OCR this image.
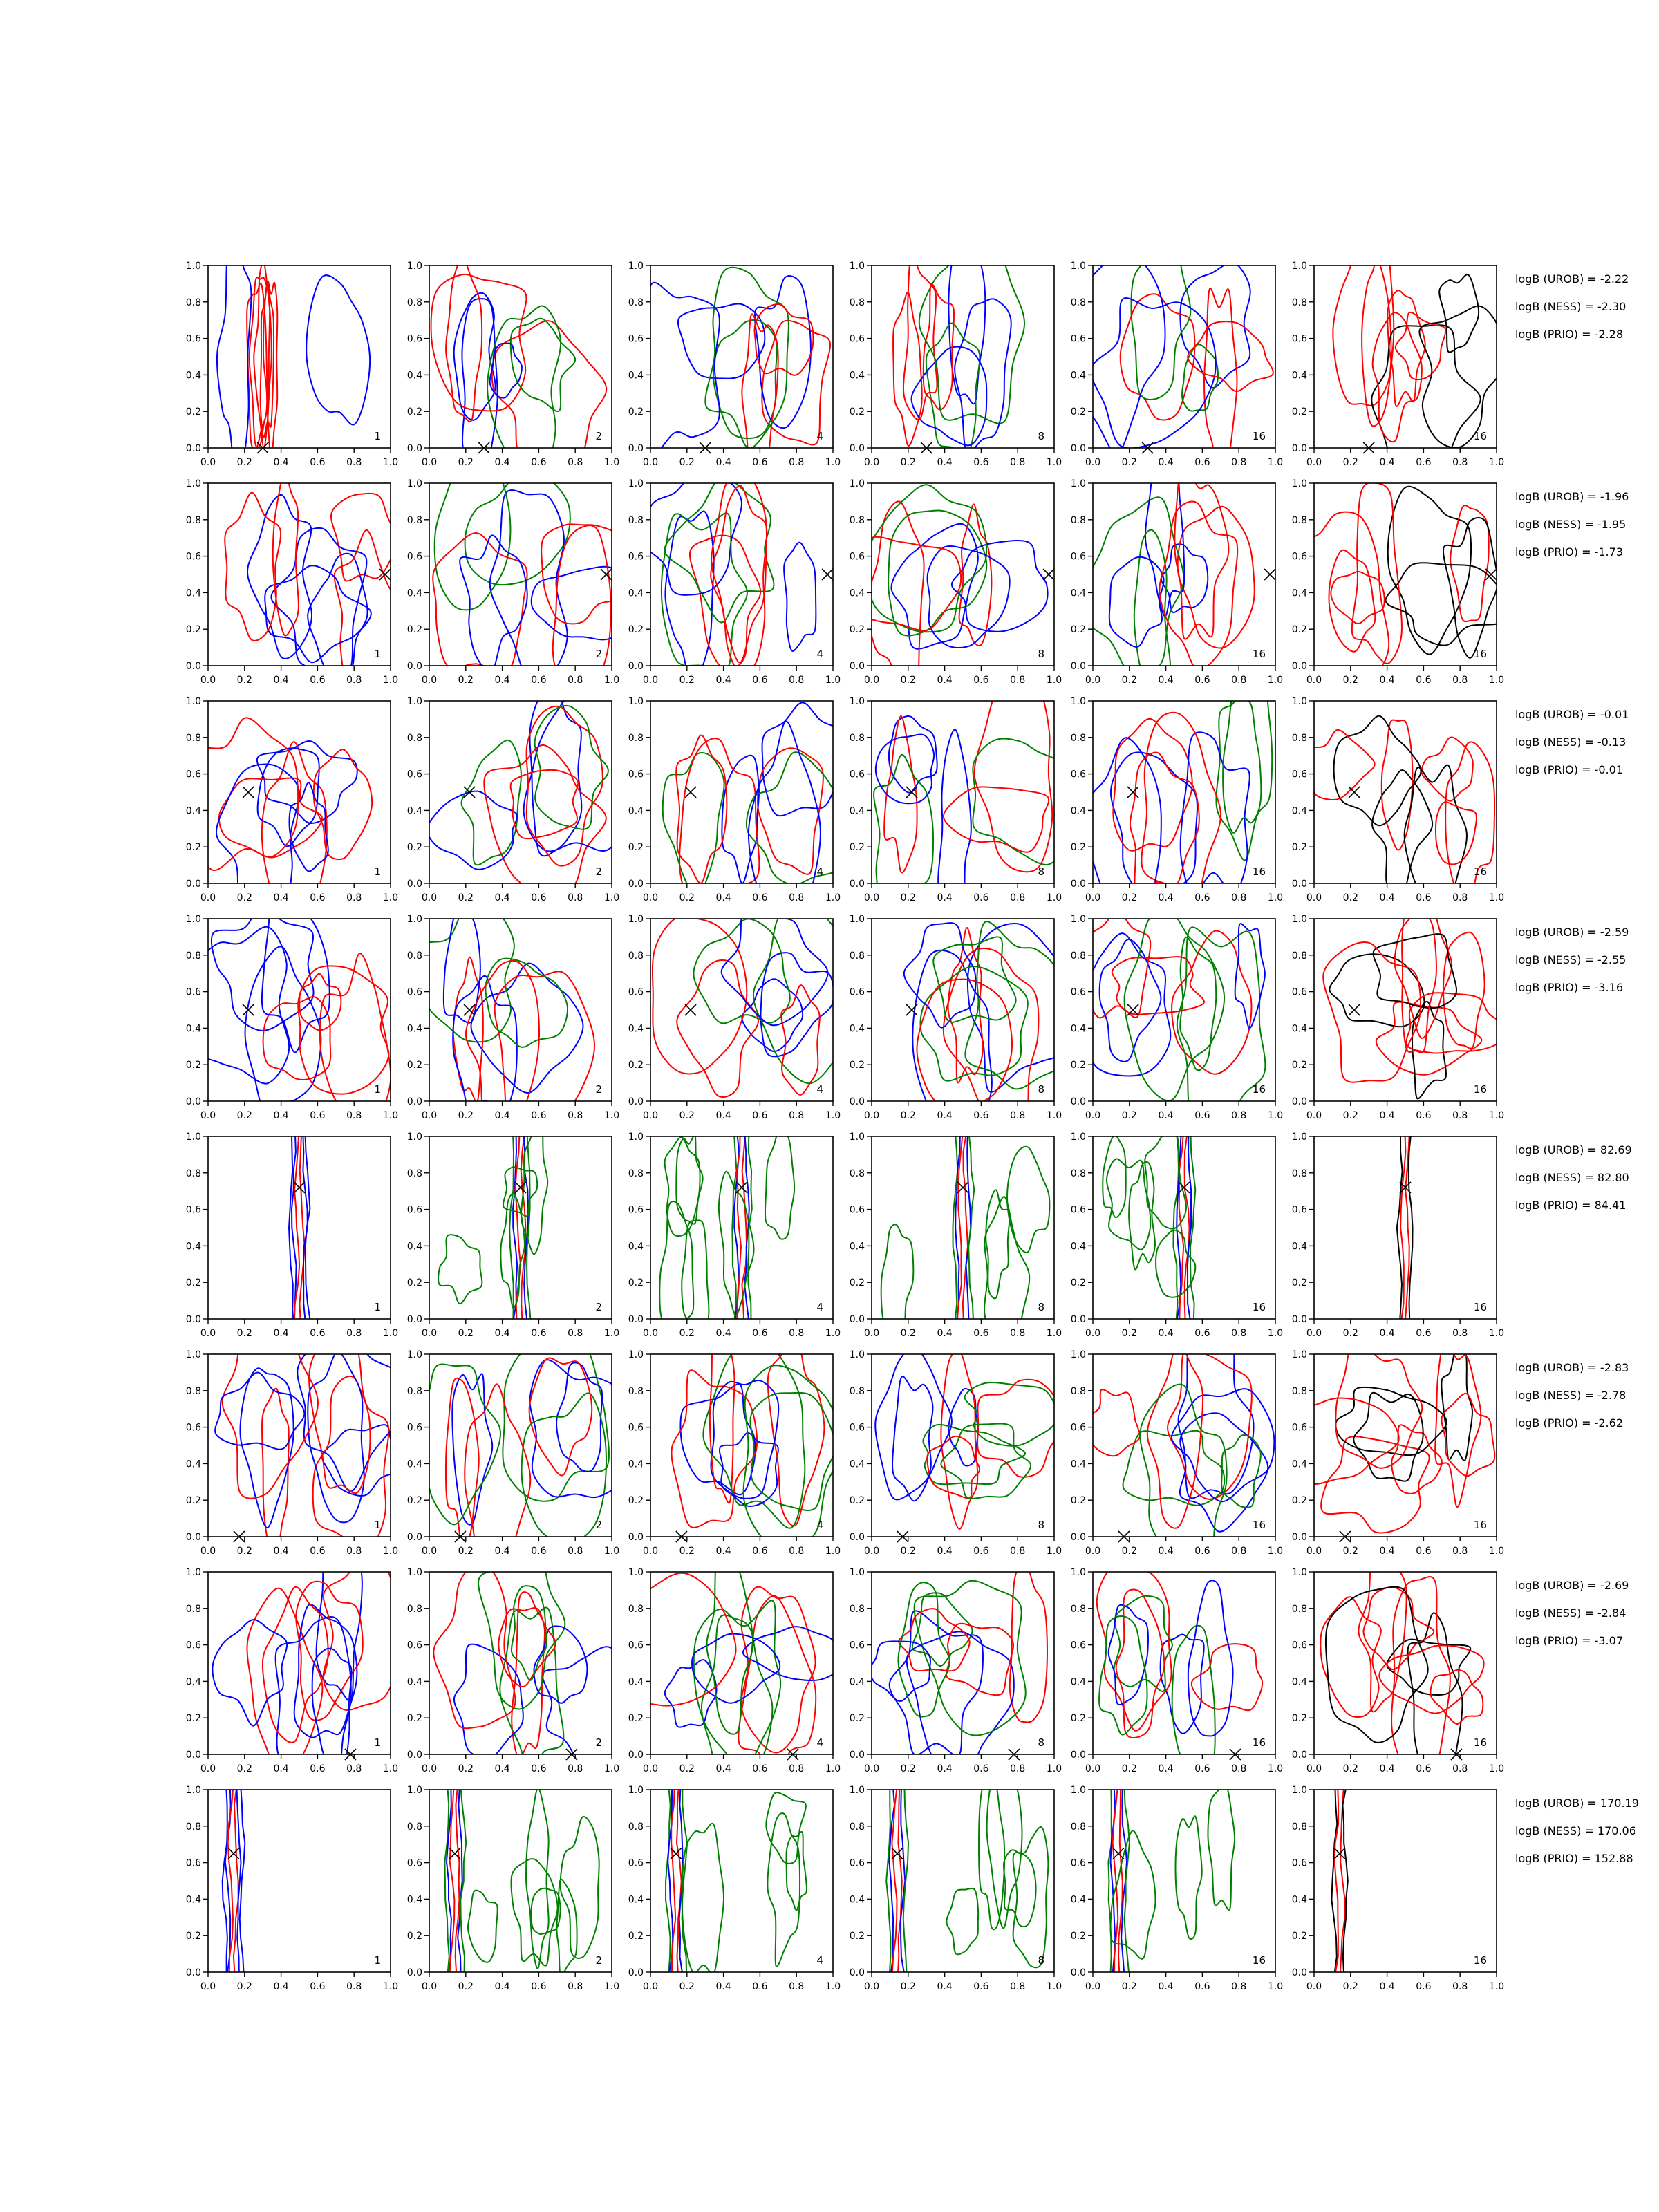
0.0 0.2 0.4 0.6 0.8 1.0
0.0
0.2
0.4
0.6
0.8
1.0
1
0.0 0.2 0.4 0.6 0.8 1.0
0.0
0.2
0.4
0.6
0.8
1.0
2
0.0 0.2 0.4 0.6 0.8 1.0
0.0
0.2
0.4
0.6
0.8
1.0
4
0.0 0.2 0.4 0.6 0.8 1.0
0.0
0.2
0.4
0.6
0.8
1.0
8
0.0 0.2 0.4 0.6 0.8 1.0
0.0
0.2
0.4
0.6
0.8
1.0
16
0.0 0.2 0.4 0.6 0.8 1.0
0.0
0.2
0.4
0.6
0.8
1.0
16
logB (UROB) = -2.22
logB (NESS) = -2.30
logB (PRIO) = -2.28
0.0 0.2 0.4 0.6 0.8 1.0
0.0
0.2
0.4
0.6
0.8
1.0
1
0.0 0.2 0.4 0.6 0.8 1.0
0.0
0.2
0.4
0.6
0.8
1.0
2
0.0 0.2 0.4 0.6 0.8 1.0
0.0
0.2
0.4
0.6
0.8
1.0
4
0.0 0.2 0.4 0.6 0.8 1.0
0.0
0.2
0.4
0.6
0.8
1.0
8
0.0 0.2 0.4 0.6 0.8 1.0
0.0
0.2
0.4
0.6
0.8
1.0
16
0.0 0.2 0.4 0.6 0.8 1.0
0.0
0.2
0.4
0.6
0.8
1.0
16
logB (UROB) = -1.96
logB (NESS) = -1.95
logB (PRIO) = -1.73
0.0 0.2 0.4 0.6 0.8 1.0
0.0
0.2
0.4
0.6
0.8
1.0
1
0.0 0.2 0.4 0.6 0.8 1.0
0.0
0.2
0.4
0.6
0.8
1.0
2
0.0 0.2 0.4 0.6 0.8 1.0
0.0
0.2
0.4
0.6
0.8
1.0
4
0.0 0.2 0.4 0.6 0.8 1.0
0.0
0.2
0.4
0.6
0.8
1.0
8
0.0 0.2 0.4 0.6 0.8 1.0
0.0
0.2
0.4
0.6
0.8
1.0
16
0.0 0.2 0.4 0.6 0.8 1.0
0.0
0.2
0.4
0.6
0.8
1.0
16
logB (UROB) = -0.01
logB (NESS) = -0.13
logB (PRIO) = -0.01
0.0 0.2 0.4 0.6 0.8 1.0
0.0
0.2
0.4
0.6
0.8
1.0
1
0.0 0.2 0.4 0.6 0.8 1.0
0.0
0.2
0.4
0.6
0.8
1.0
2
0.0 0.2 0.4 0.6 0.8 1.0
0.0
0.2
0.4
0.6
0.8
1.0
4
0.0 0.2 0.4 0.6 0.8 1.0
0.0
0.2
0.4
0.6
0.8
1.0
8
0.0 0.2 0.4 0.6 0.8 1.0
0.0
0.2
0.4
0.6
0.8
1.0
16
0.0 0.2 0.4 0.6 0.8 1.0
0.0
0.2
0.4
0.6
0.8
1.0
16
logB (UROB) = -2.59
logB (NESS) = -2.55
logB (PRIO) = -3.16
0.0 0.2 0.4 0.6 0.8 1.0
0.0
0.2
0.4
0.6
0.8
1.0
1
0.0 0.2 0.4 0.6 0.8 1.0
0.0
0.2
0.4
0.6
0.8
1.0
2
0.0 0.2 0.4 0.6 0.8 1.0
0.0
0.2
0.4
0.6
0.8
1.0
4
0.0 0.2 0.4 0.6 0.8 1.0
0.0
0.2
0.4
0.6
0.8
1.0
8
0.0 0.2 0.4 0.6 0.8 1.0
0.0
0.2
0.4
0.6
0.8
1.0
16
0.0 0.2 0.4 0.6 0.8 1.0
0.0
0.2
0.4
0.6
0.8
1.0
16
logB (UROB) = 82.69
logB (NESS) = 82.80
logB (PRIO) = 84.41
0.0 0.2 0.4 0.6 0.8 1.0
0.0
0.2
0.4
0.6
0.8
1.0
1
0.0 0.2 0.4 0.6 0.8 1.0
0.0
0.2
0.4
0.6
0.8
1.0
2
0.0 0.2 0.4 0.6 0.8 1.0
0.0
0.2
0.4
0.6
0.8
1.0
4
0.0 0.2 0.4 0.6 0.8 1.0
0.0
0.2
0.4
0.6
0.8
1.0
8
0.0 0.2 0.4 0.6 0.8 1.0
0.0
0.2
0.4
0.6
0.8
1.0
16
0.0 0.2 0.4 0.6 0.8 1.0
0.0
0.2
0.4
0.6
0.8
1.0
16
logB (UROB) = -2.83
logB (NESS) = -2.78
logB (PRIO) = -2.62
0.0 0.2 0.4 0.6 0.8 1.0
0.0
0.2
0.4
0.6
0.8
1.0
1
0.0 0.2 0.4 0.6 0.8 1.0
0.0
0.2
0.4
0.6
0.8
1.0
2
0.0 0.2 0.4 0.6 0.8 1.0
0.0
0.2
0.4
0.6
0.8
1.0
4
0.0 0.2 0.4 0.6 0.8 1.0
0.0
0.2
0.4
0.6
0.8
1.0
8
0.0 0.2 0.4 0.6 0.8 1.0
0.0
0.2
0.4
0.6
0.8
1.0
16
0.0 0.2 0.4 0.6 0.8 1.0
0.0
0.2
0.4
0.6
0.8
1.0
16
logB (UROB) = -2.69
logB (NESS) = -2.84
logB (PRIO) = -3.07
0.0 0.2 0.4 0.6 0.8 1.0
0.0
0.2
0.4
0.6
0.8
1.0
1
0.0 0.2 0.4 0.6 0.8 1.0
0.0
0.2
0.4
0.6
0.8
1.0
2
0.0 0.2 0.4 0.6 0.8 1.0
0.0
0.2
0.4
0.6
0.8
1.0
4
0.0 0.2 0.4 0.6 0.8 1.0
0.0
0.2
0.4
0.6
0.8
1.0
8
0.0 0.2 0.4 0.6 0.8 1.0
0.0
0.2
0.4
0.6
0.8
1.0
16
0.0 0.2 0.4 0.6 0.8 1.0
0.0
0.2
0.4
0.6
0.8
1.0
16
logB (UROB) = 170.19
logB (NESS) = 170.06
logB (PRIO) = 152.88
